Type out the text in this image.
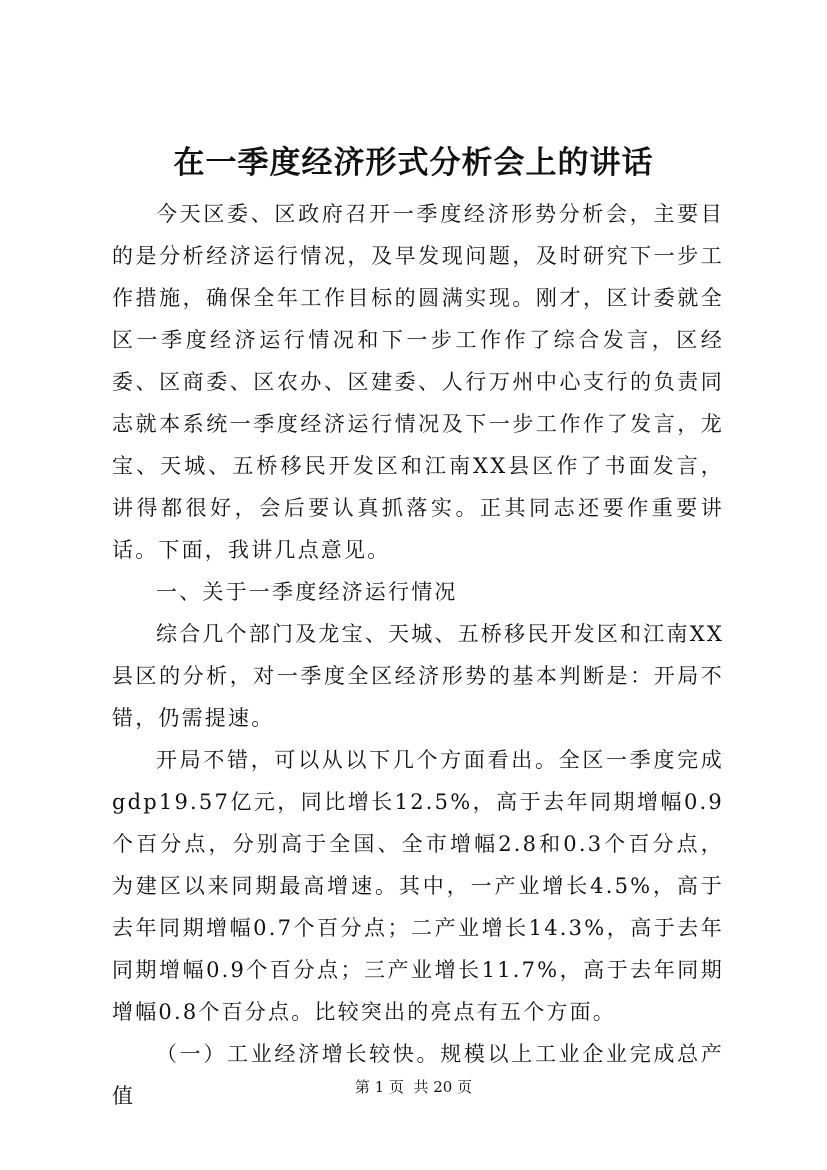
在一季度经济形式分析会上的讲话

今天区委、区政府召开一季度经济形势分析会，主要目的是分析经济运行情况，及早发现问题，及时研究下一步工作措施，确保全年工作目标的圆满实现。刚才，区计委就全区一季度经济运行情况和下一步工作作了综合发言，区经委、区商委、区农办、区建委、人行万州中心支行的负责同志就本系统一季度经济运行情况及下一步工作作了发言，龙宝、天城、五桥移民开发区和江南XX县区作了书面发言，讲得都很好，会后要认真抓落实。正其同志还要作重要讲话。下面，我讲几点意见。

一、关于一季度经济运行情况

综合几个部门及龙宝、天城、五桥移民开发区和江南XX县区的分析，对一季度全区经济形势的基本判断是：开局不错，仍需提速。

开局不错，可以从以下几个方面看出。全区一季度完成gdp19.57亿元，同比增长12.5%，高于去年同期增幅0.9个百分点，分别高于全国、全市增幅2.8和0.3个百分点，为建区以来同期最高增速。其中，一产业增长4.5%，高于去年同期增幅0.7个百分点；二产业增长14.3%，高于去年同期增幅0.9个百分点；三产业增长11.7%，高于去年同期增幅0.8个百分点。比较突出的亮点有五个方面。

（一）工业经济增长较快。规模以上工业企业完成总产值	第 1 页  共 20 页
